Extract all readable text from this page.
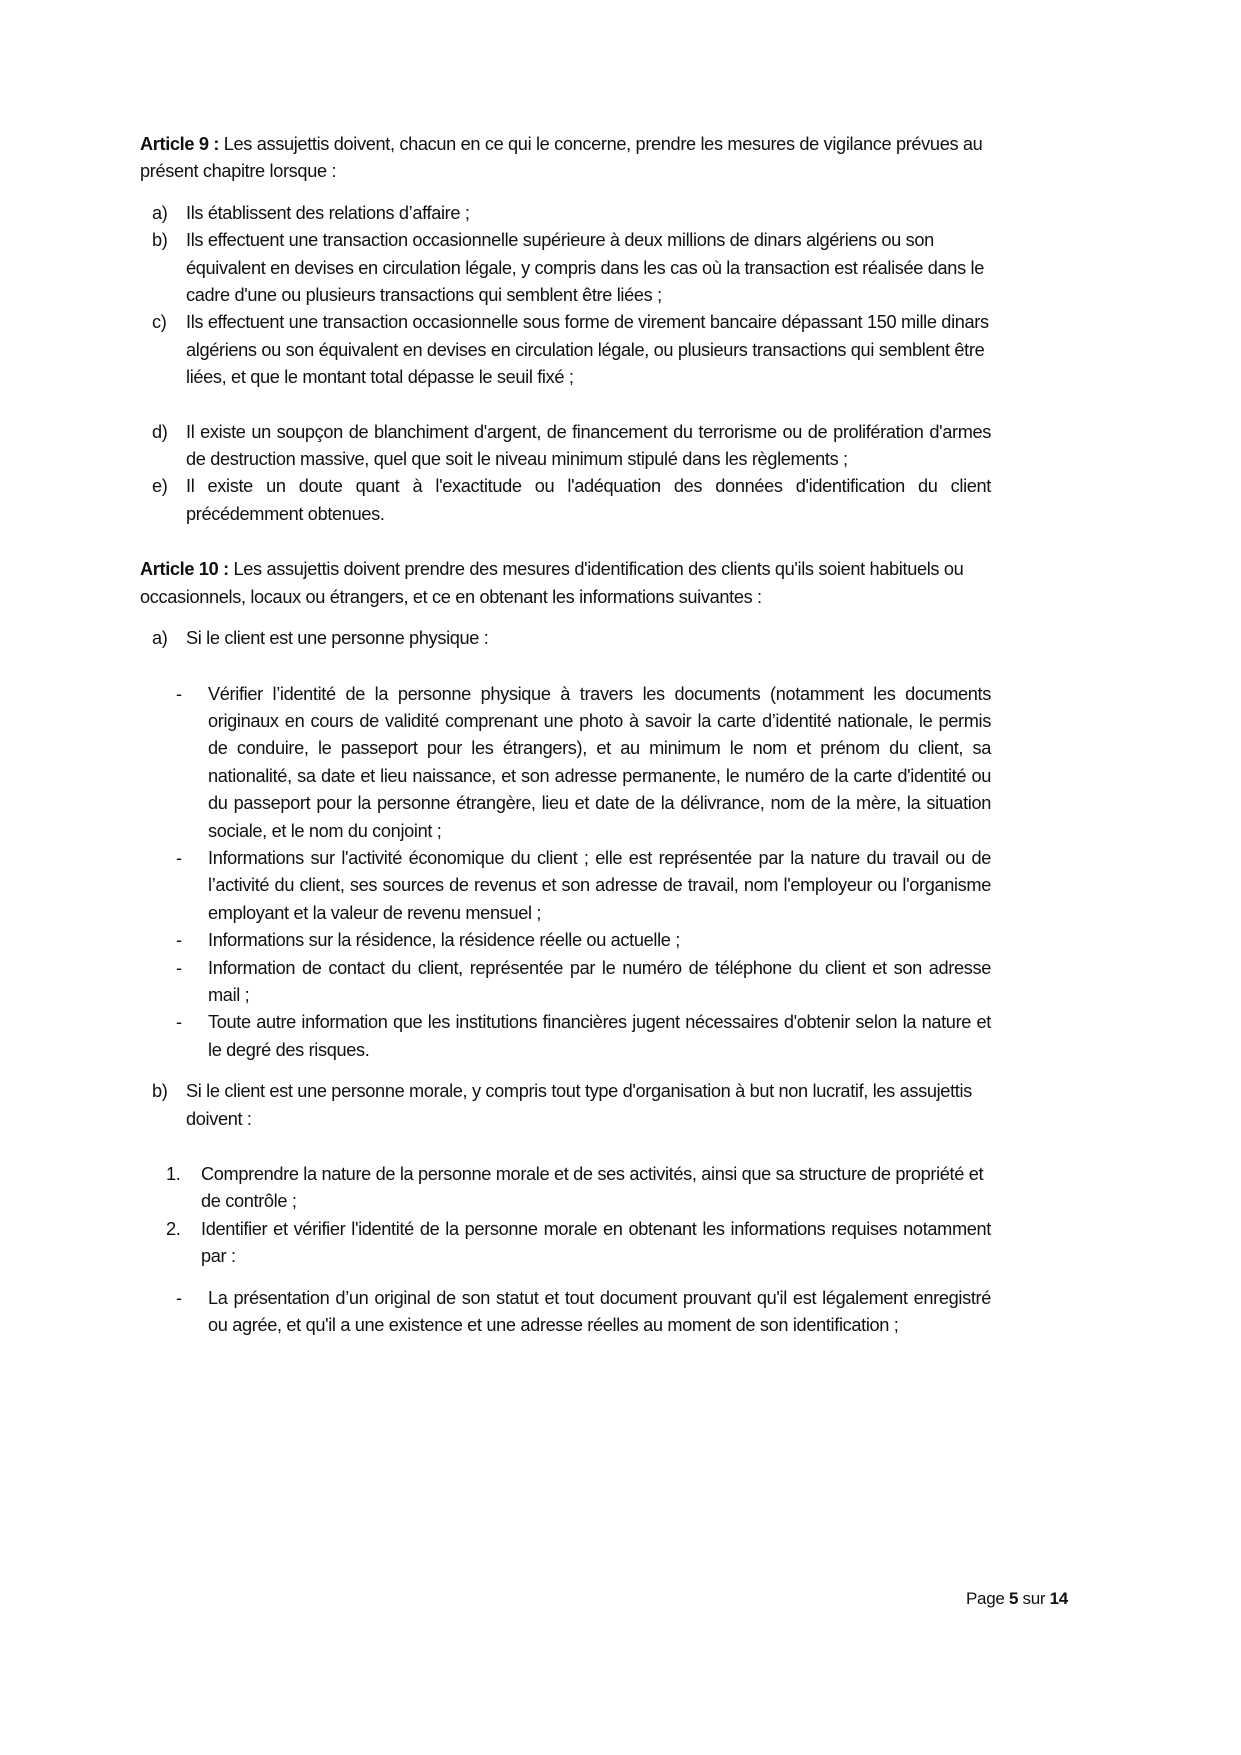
Article 9 : Les assujettis doivent, chacun en ce qui le concerne, prendre les mesures de vigilance prévues au présent chapitre lorsque :

a) Ils établissent des relations d’affaire ;
b) Ils effectuent une transaction occasionnelle supérieure à deux millions de dinars algériens ou son équivalent en devises en circulation légale, y compris dans les cas où la transaction est réalisée dans le cadre d'une ou plusieurs transactions qui semblent être liées ;
c) Ils effectuent une transaction occasionnelle sous forme de virement bancaire dépassant 150 mille dinars algériens ou son équivalent en devises en circulation légale, ou plusieurs transactions qui semblent être liées, et que le montant total dépasse le seuil fixé ;
d) Il existe un soupçon de blanchiment d'argent, de financement du terrorisme ou de prolifération d'armes de destruction massive, quel que soit le niveau minimum stipulé dans les règlements ;
e) Il existe un doute quant à l'exactitude ou l'adéquation des données d'identification du client précédemment obtenues.

Article 10 : Les assujettis doivent prendre des mesures d'identification des clients qu'ils soient habituels ou occasionnels, locaux ou étrangers, et ce en obtenant les informations suivantes :

a) Si le client est une personne physique :
- Vérifier l’identité de la personne physique à travers les documents (notamment les documents originaux en cours de validité comprenant une photo à savoir la carte d’identité nationale, le permis de conduire, le passeport pour les étrangers), et au minimum le nom et prénom du client, sa nationalité, sa date et lieu naissance, et son adresse permanente, le numéro de la carte d'identité ou du passeport pour la personne étrangère, lieu et date de la délivrance, nom de la mère, la situation sociale, et le nom du conjoint ;
- Informations sur l'activité économique du client ; elle est représentée par la nature du travail ou de l’activité du client, ses sources de revenus et son adresse de travail, nom l'employeur ou l'organisme employant et la valeur de revenu mensuel ;
- Informations sur la résidence, la résidence réelle ou actuelle ;
- Information de contact du client, représentée par le numéro de téléphone du client et son adresse mail ;
- Toute autre information que les institutions financières jugent nécessaires d'obtenir selon la nature et le degré des risques.
b) Si le client est une personne morale, y compris tout type d'organisation à but non lucratif, les assujettis doivent :
1. Comprendre la nature de la personne morale et de ses activités, ainsi que sa structure de propriété et de contrôle ;
2. Identifier et vérifier l'identité de la personne morale en obtenant les informations requises notamment par :
- La présentation d’un original de son statut et tout document prouvant qu'il est légalement enregistré ou agrée, et qu'il a une existence et une adresse réelles au moment de son identification ;
Page 5 sur 14
